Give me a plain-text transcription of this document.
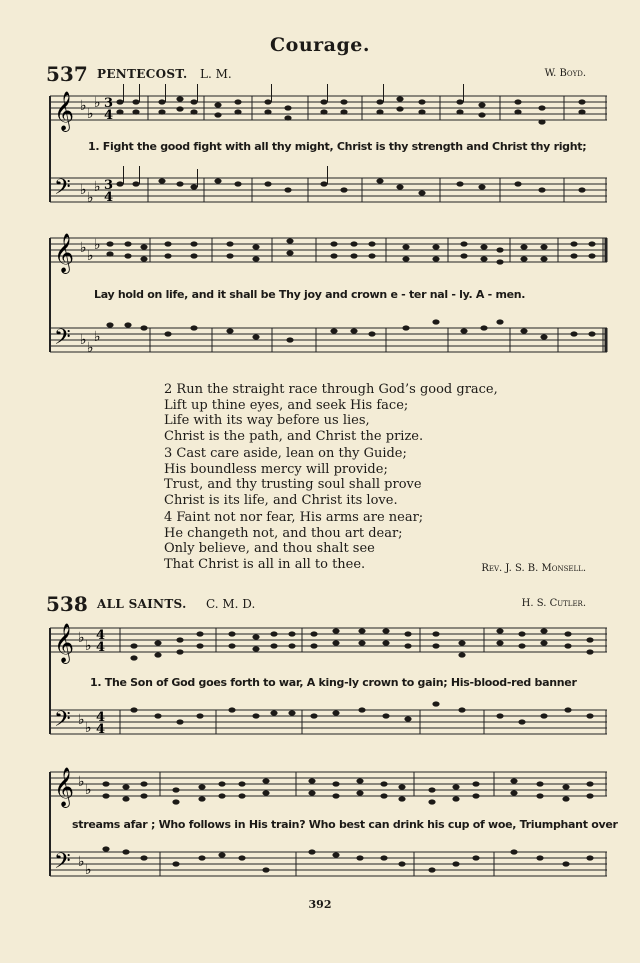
Courage.
537 PENTECOST. L. M.	W. Boyd.
𝄞
𝄢
♭ ♭
♭
♭ ♭
♭
3
4
3
4
1. Fight the good fight with all thy might, Christ is thy strength and Christ thy right;
𝄞
𝄢
♭ ♭
♭
♭ ♭
♭
Lay hold on life, and it shall be Thy joy and crown e - ter nal - ly. A - men.
2 Run the straight race through God’s good grace,
Lift up thine eyes, and seek His face;
Life with its way before us lies,
Christ is the path, and Christ the prize.
3 Cast care aside, lean on thy Guide;
His boundless mercy will provide;
Trust, and thy trusting soul shall prove
Christ is its life, and Christ its love.
4 Faint not nor fear, His arms are near;
He changeth not, and thou art dear;
Only believe, and thou shalt see
That Christ is all in all to thee.	Rev. J. S. B. Monsell.
538 ALL SAINTS. C. M. D.	H. S. Cutler.
𝄞
𝄢
♭ ♭
♭ ♭
4
4
4
4
1. The Son of God goes forth to war, A king-ly crown to gain; His-blood-red banner
𝄞
𝄢
♭ ♭
♭ ♭
streams afar ; Who follows in His train? Who best can drink his cup of woe, Triumphant over
392
